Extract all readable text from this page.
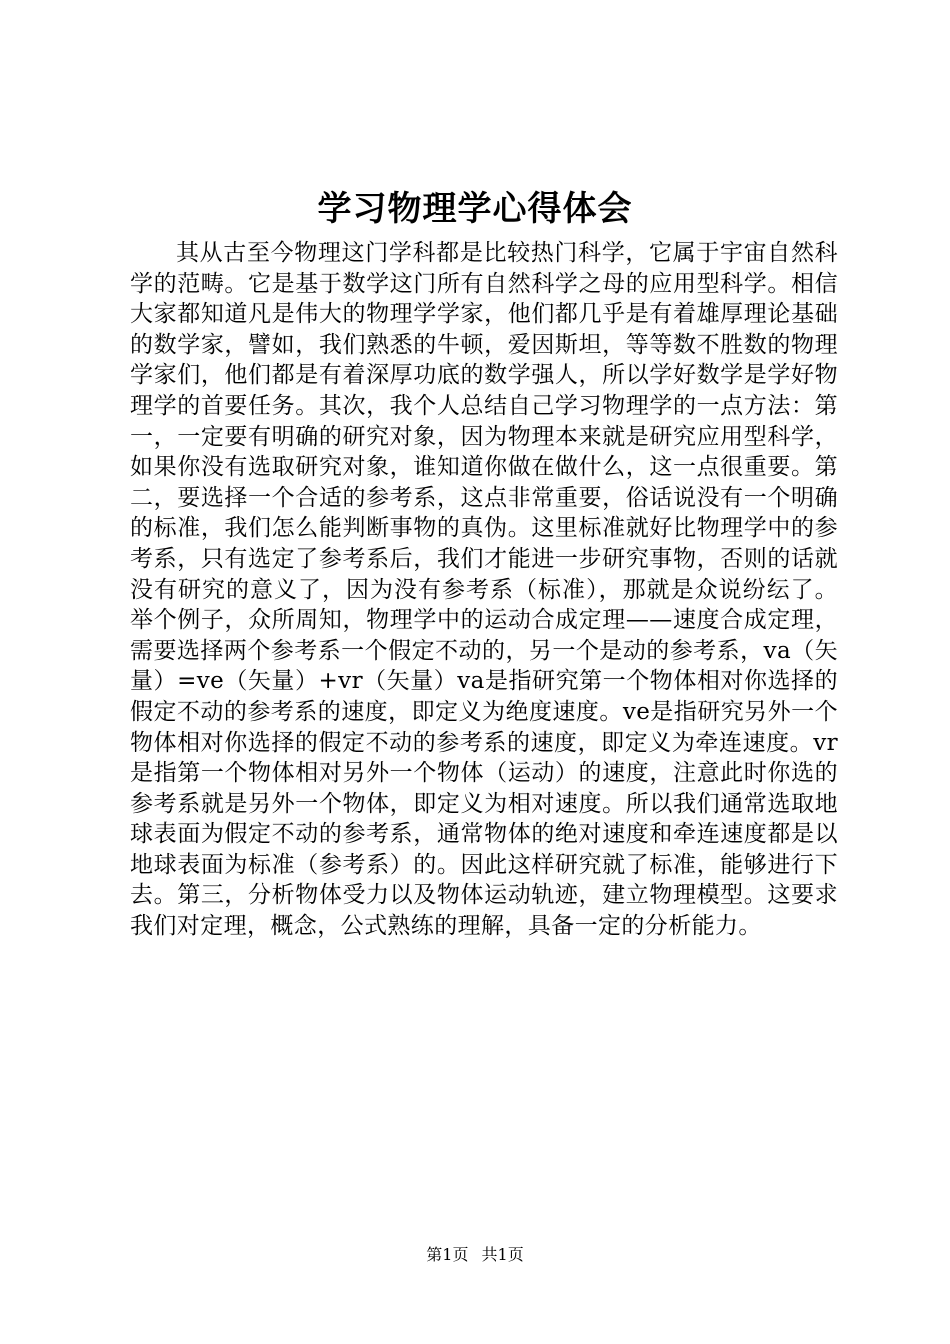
学习物理学心得体会

其从古至今物理这门学科都是比较热门科学，它属于宇宙自然科学的范畴。它是基于数学这门所有自然科学之母的应用型科学。相信大家都知道凡是伟大的物理学学家，他们都几乎是有着雄厚理论基础的数学家，譬如，我们熟悉的牛顿，爱因斯坦，等等数不胜数的物理学家们，他们都是有着深厚功底的数学强人，所以学好数学是学好物理学的首要任务。其次，我个人总结自己学习物理学的一点方法：第一，一定要有明确的研究对象，因为物理本来就是研究应用型科学，如果你没有选取研究对象，谁知道你做在做什么，这一点很重要。第二，要选择一个合适的参考系，这点非常重要，俗话说没有一个明确的标准，我们怎么能判断事物的真伪。这里标准就好比物理学中的参考系，只有选定了参考系后，我们才能进一步研究事物，否则的话就没有研究的意义了，因为没有参考系（标准），那就是众说纷纭了。举个例子，众所周知，物理学中的运动合成定理——速度合成定理，需要选择两个参考系一个假定不动的，另一个是动的参考系，va（矢量）=ve（矢量）+vr（矢量）va是指研究第一个物体相对你选择的假定不动的参考系的速度，即定义为绝度速度。ve是指研究另外一个物体相对你选择的假定不动的参考系的速度，即定义为牵连速度。vr是指第一个物体相对另外一个物体（运动）的速度，注意此时你选的参考系就是另外一个物体，即定义为相对速度。所以我们通常选取地球表面为假定不动的参考系，通常物体的绝对速度和牵连速度都是以地球表面为标准（参考系）的。因此这样研究就了标准，能够进行下去。第三，分析物体受力以及物体运动轨迹，建立物理模型。这要求我们对定理，概念，公式熟练的理解，具备一定的分析能力。

第1页 共1页
